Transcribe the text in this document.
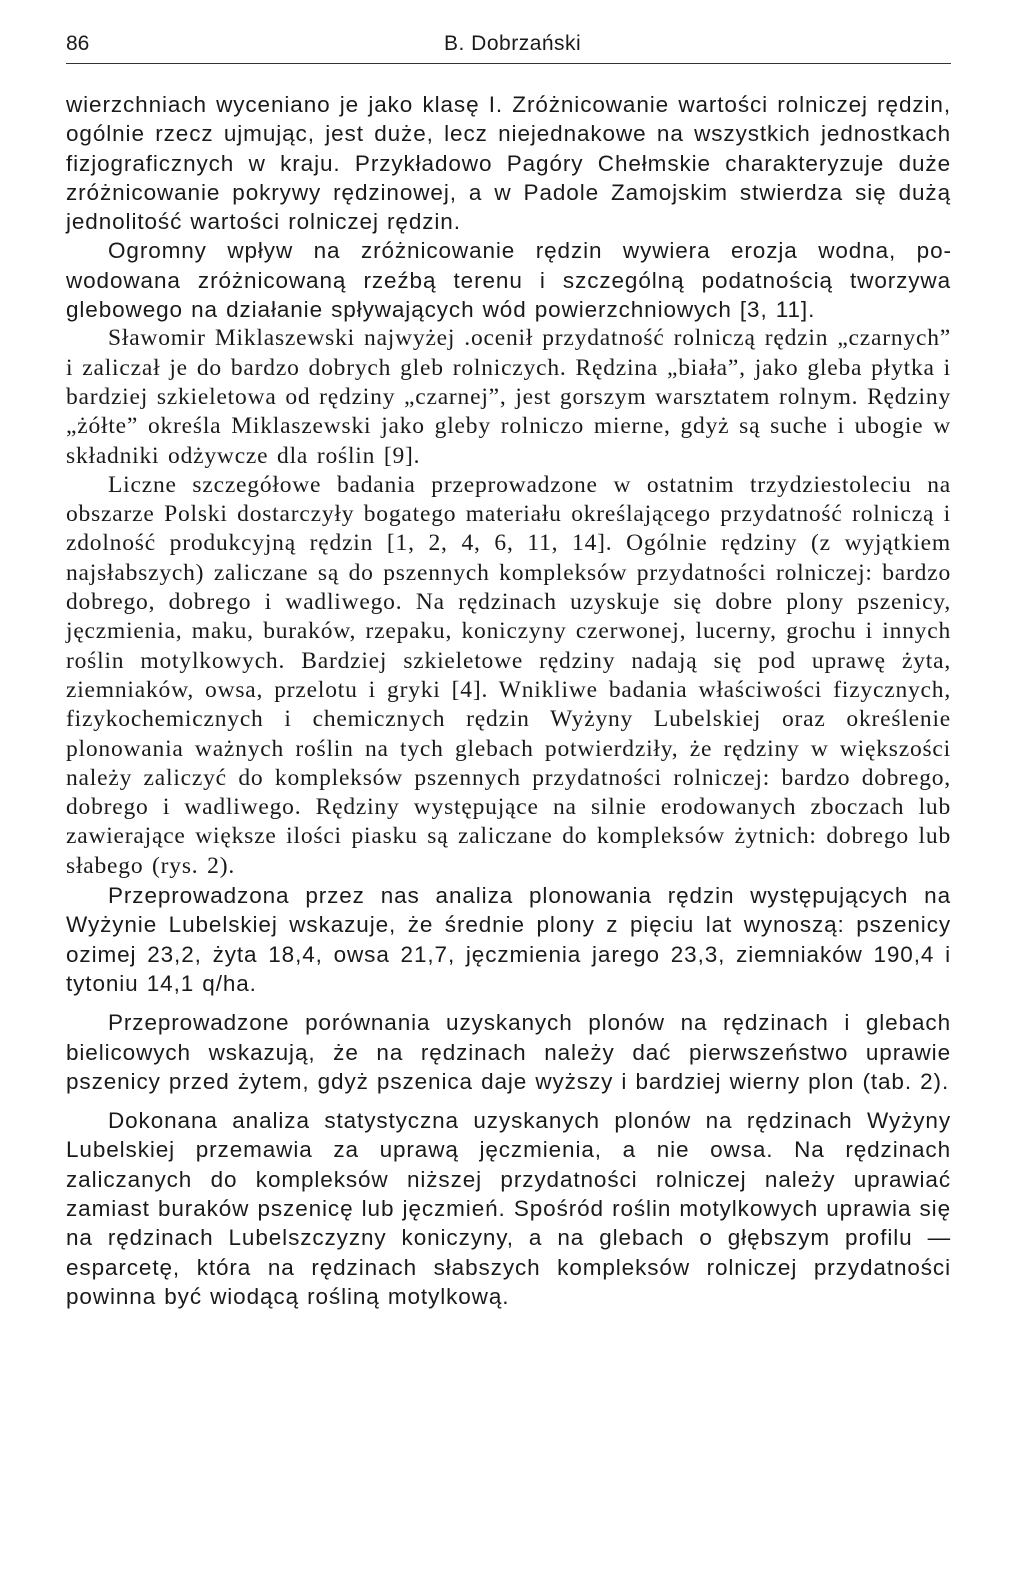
86	B. Dobrzański

wierzchniach wyceniano je jako klasę I. Zróżnicowanie wartości rolniczej rędzin, ogólnie rzecz ujmując, jest duże, lecz niejednakowe na wszystkich jednostkach fizjograficznych w kraju. Przykładowo Pagóry Chełmskie charakteryzuje duże zróżnicowanie pokrywy rędzinowej, a w Padole Zamojskim stwierdza się dużą jednolitość wartości rolniczej rędzin.

Ogromny wpływ na zróżnicowanie rędzin wywiera erozja wodna, powodowana zróżnicowaną rzeźbą terenu i szczególną podatnością tworzywa glebowego na działanie spływających wód powierzchniowych [3, 11].

Sławomir Miklaszewski najwyżej .ocenił przydatność rolniczą rędzin „czarnych” i zaliczał je do bardzo dobrych gleb rolniczych. Rędzina „biała”, jako gleba płytka i bardziej szkieletowa od rędziny „czarnej”, jest gorszym warsztatem rolnym. Rędziny „żółte” określa Miklaszewski jako gleby rolniczo mierne, gdyż są suche i ubogie w składniki odżywcze dla roślin [9].

Liczne szczegółowe badania przeprowadzone w ostatnim trzydziestoleciu na obszarze Polski dostarczyły bogatego materiału określającego przydatność rolniczą i zdolność produkcyjną rędzin [1, 2, 4, 6, 11, 14]. Ogólnie rędziny (z wyjątkiem najsłabszych) zaliczane są do pszennych kompleksów przydatności rolniczej: bardzo dobrego, dobrego i wadliwego. Na rędzinach uzyskuje się dobre plony pszenicy, jęczmienia, maku, buraków, rzepaku, koniczyny czerwonej, lucerny, grochu i innych roślin motylkowych. Bardziej szkieletowe rędziny nadają się pod uprawę żyta, ziemniaków, owsa, przelotu i gryki [4]. Wnikliwe badania właściwości fizycznych, fizykochemicznych i chemicznych rędzin Wyżyny Lubelskiej oraz określenie plonowania ważnych roślin na tych glebach potwierdziły, że rędziny w większości należy zaliczyć do kompleksów pszennych przydatności rolniczej: bardzo dobrego, dobrego i wadliwego. Rędziny występujące na silnie erodowanych zboczach lub zawierające większe ilości piasku są zaliczane do kompleksów żytnich: dobrego lub słabego (rys. 2).

Przeprowadzona przez nas analiza plonowania rędzin występujących na Wyżynie Lubelskiej wskazuje, że średnie plony z pięciu lat wynoszą: pszenicy ozimej 23,2, żyta 18,4, owsa 21,7, jęczmienia jarego 23,3, ziemniaków 190,4 i tytoniu 14,1 q/ha.

Przeprowadzone porównania uzyskanych plonów na rędzinach i glebach bielicowych wskazują, że na rędzinach należy dać pierwszeństwo uprawie pszenicy przed żytem, gdyż pszenica daje wyższy i bardziej wierny plon (tab. 2).

Dokonana analiza statystyczna uzyskanych plonów na rędzinach Wyżyny Lubelskiej przemawia za uprawą jęczmienia, a nie owsa. Na rędzinach zaliczanych do kompleksów niższej przydatności rolniczej należy uprawiać zamiast buraków pszenicę lub jęczmień. Spośród roślin motylkowych uprawia się na rędzinach Lubelszczyzny koniczyny, a na glebach o głębszym profilu — esparcetę, która na rędzinach słabszych kompleksów rolniczej przydatności powinna być wiodącą rośliną motylkową.
